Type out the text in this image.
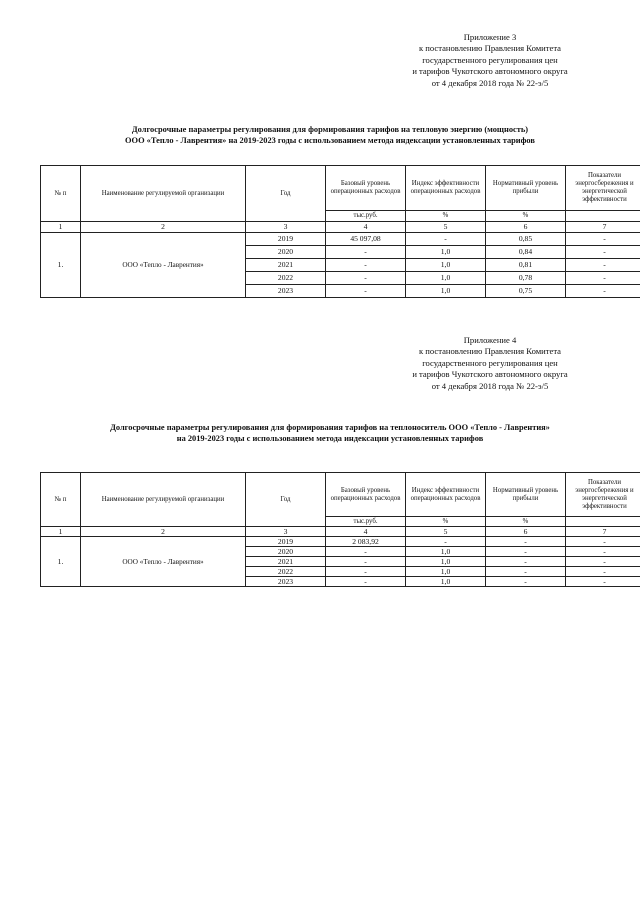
Приложение 3
к постановлению Правления Комитета
государственного регулирования цен
и тарифов Чукотского автономного округа
от 4 декабря 2018 года № 22-э/5
Долгосрочные параметры регулирования для формирования тарифов на тепловую энергию (мощность)
ООО «Тепло - Лаврентия» на 2019-2023 годы с использованием метода индексации установленных тарифов
№ п	Наименование регулируемой организации	Год	Базовый уровень операционных расходов	Индекс эффективности операционных расходов	Нормативный уровень прибыли	Показатели энергосбережения и энергетической эффективности
			тыс.руб.	%	%	
1	2	3	4	5	6	7
1.	ООО «Тепло - Лаврентия»	2019	45 097,08	-	0,85	-
		2020	-	1,0	0,84	-
		2021	-	1,0	0,81	-
		2022	-	1,0	0,78	-
		2023	-	1,0	0,75	-
Приложение 4
к постановлению Правления Комитета
государственного регулирования цен
и тарифов Чукотского автономного округа
от 4 декабря 2018 года № 22-э/5
Долгосрочные параметры регулирования для формирования тарифов на теплоноситель ООО «Тепло - Лаврентия»
на 2019-2023 годы с использованием метода индексации установленных тарифов
№ п	Наименование регулируемой организации	Год	Базовый уровень операционных расходов	Индекс эффективности операционных расходов	Нормативный уровень прибыли	Показатели энергосбережения и энергетической эффективности
			тыс.руб.	%	%	
1	2	3	4	5	6	7
1.	ООО «Тепло - Лаврентия»	2019	2 083,92	-	-	-
		2020	-	1,0	-	-
		2021	-	1,0	-	-
		2022	-	1,0	-	-
		2023	-	1,0	-	-
